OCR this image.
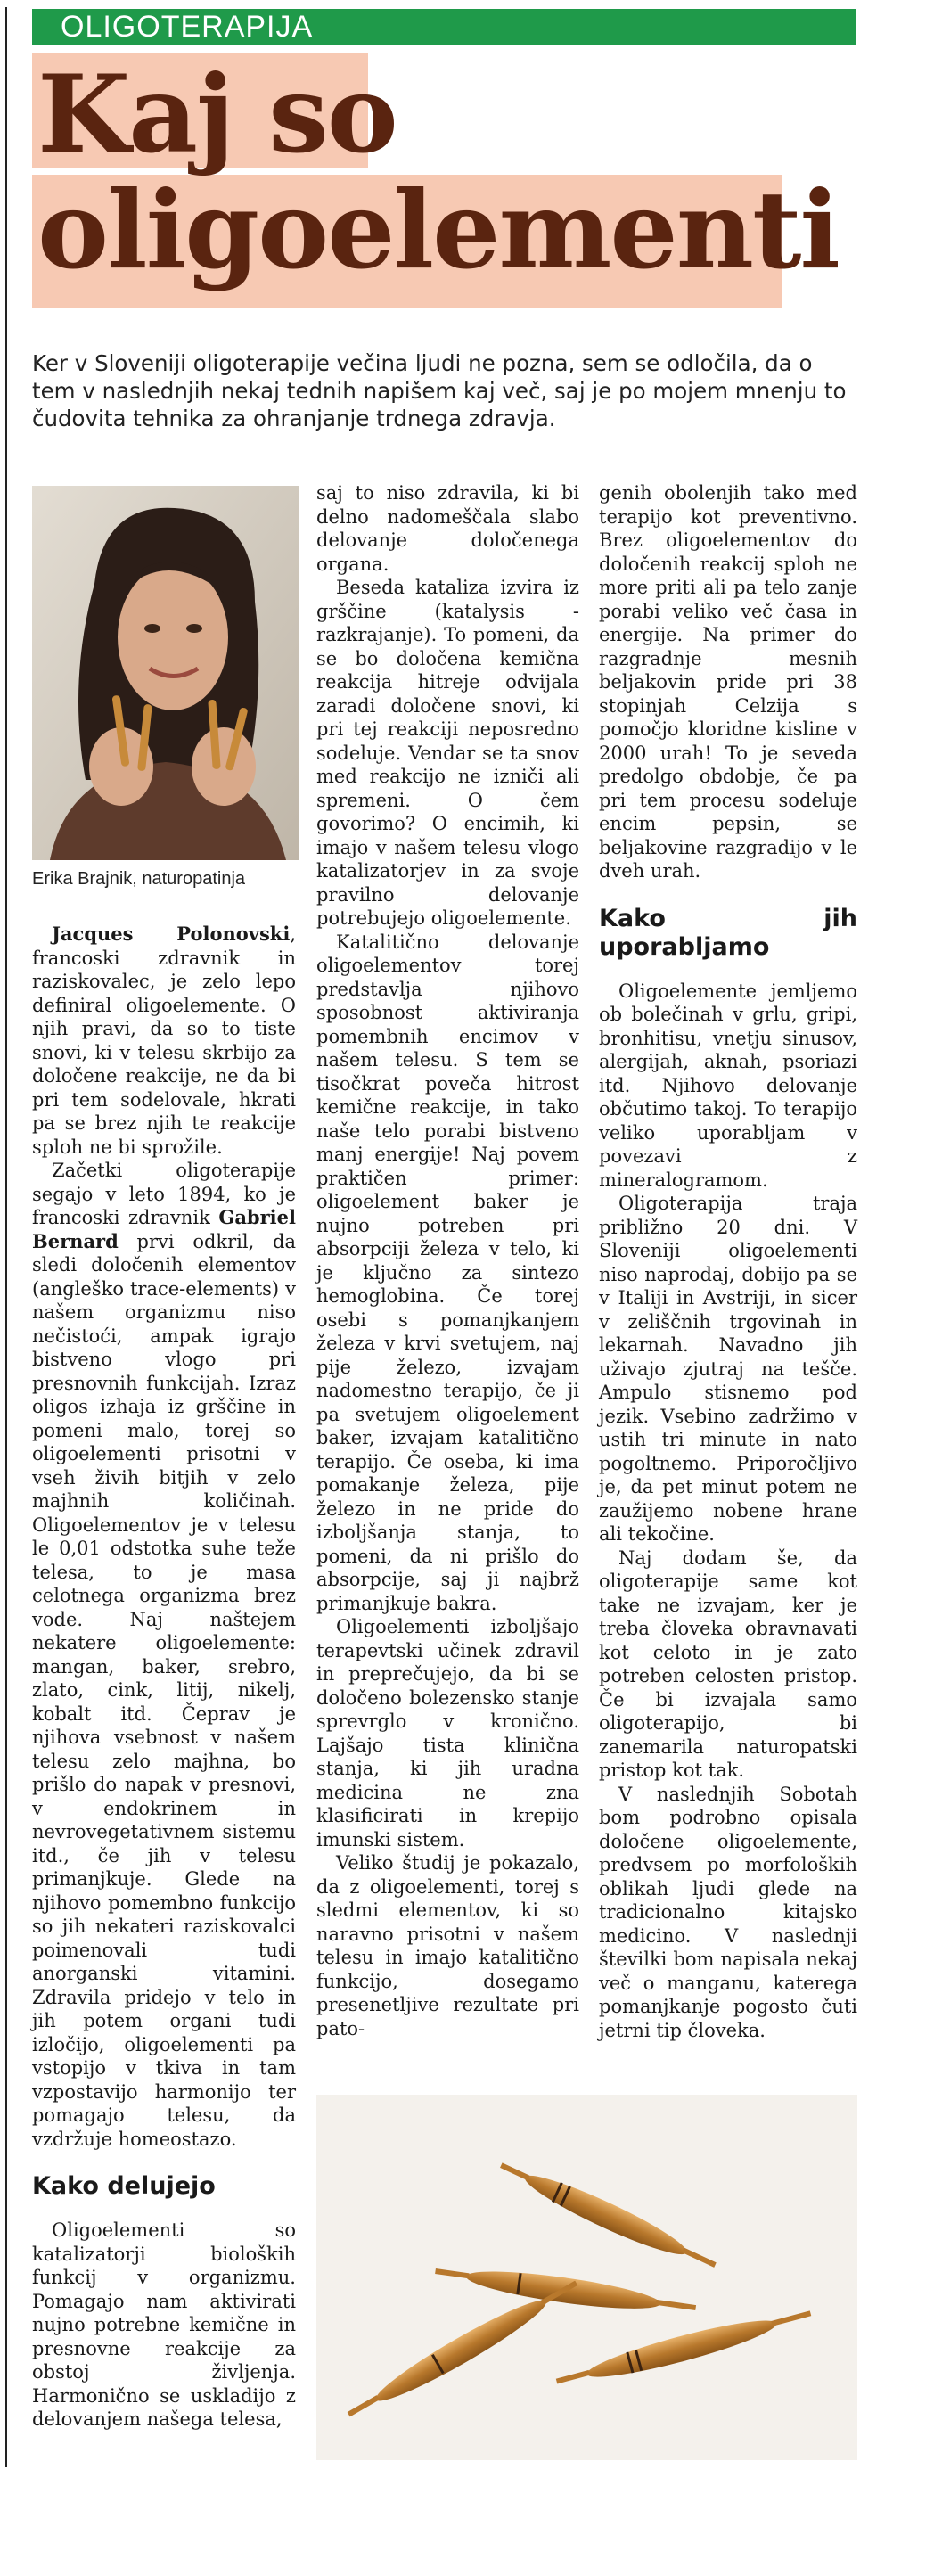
OLIGOTERAPIJA
Kaj so
oligoelementi
Ker v Sloveniji oligoterapije večina ljudi ne pozna, sem se odločila, da o tem v naslednjih nekaj tednih napišem kaj več, saj je po mojem mnenju to čudovita tehnika za ohranjanje trdnega zdravja.
Erika Brajnik, naturopatinja

Jacques Polonovski, francoski zdravnik in raziskovalec, je zelo lepo definiral oligoelemente. O njih pravi, da so to tiste snovi, ki v telesu skrbijo za določene reakcije, ne da bi pri tem sodelovale, hkrati pa se brez njih te reakcije sploh ne bi sprožile.

Začetki oligoterapije segajo v leto 1894, ko je francoski zdravnik Gabriel Bernard prvi odkril, da sledi določenih elementov (angleško trace-elements) v našem organizmu niso nečistoći, ampak igrajo bistveno vlogo pri presnovnih funkcijah. Izraz oligos izhaja iz grščine in pomeni malo, torej so oligoelementi prisotni v vseh živih bitjih v zelo majhnih količinah. Oligoelementov je v telesu le 0,01 odstotka suhe teže telesa, to je masa celotnega organizma brez vode. Naj naštejem nekatere oligoelemente: mangan, baker, srebro, zlato, cink, litij, nikelj, kobalt itd. Čeprav je njihova vsebnost v našem telesu zelo majhna, bo prišlo do napak v presnovi, v endokrinem in nevrovegetativnem sistemu itd., če jih v telesu primanjkuje. Glede na njihovo pomembno funkcijo so jih nekateri raziskovalci poimenovali tudi anorganski vitamini. Zdravila pridejo v telo in jih potem organi tudi izločijo, oligoelementi pa vstopijo v tkiva in tam vzpostavijo harmonijo ter pomagajo telesu, da vzdržuje homeostazo.

Kako delujejo

Oligoelementi so katalizatorji bioloških funkcij v organizmu. Pomagajo nam aktivirati nujno potrebne kemične in presnovne reakcije za obstoj življenja. Harmonično se uskladijo z delovanjem našega telesa,

saj to niso zdravila, ki bi delno nadomeščala slabo delovanje določenega organa.

Beseda kataliza izvira iz grščine (katalysis - razkrajanje). To pomeni, da se bo določena kemična reakcija hitreje odvijala zaradi določene snovi, ki pri tej reakciji neposredno sodeluje. Vendar se ta snov med reakcijo ne izniči ali spremeni. O čem govorimo? O encimih, ki imajo v našem telesu vlogo katalizatorjev in za svoje pravilno delovanje potrebujejo oligoelemente.

Katalitično delovanje oligoelementov torej predstavlja njihovo sposobnost aktiviranja pomembnih encimov v našem telesu. S tem se tisočkrat poveča hitrost kemične reakcije, in tako naše telo porabi bistveno manj energije! Naj povem praktičen primer: oligoelement baker je nujno potreben pri absorpciji železa v telo, ki je ključno za sintezo hemoglobina. Če torej osebi s pomanjkanjem železa v krvi svetujem, naj pije železo, izvajam nadomestno terapijo, če ji pa svetujem oligoelement baker, izvajam katalitično terapijo. Če oseba, ki ima pomakanje železa, pije železo in ne pride do izboljšanja stanja, to pomeni, da ni prišlo do absorpcije, saj ji najbrž primanjkuje bakra.

Oligoelementi izboljšajo terapevtski učinek zdravil in preprečujejo, da bi se določeno bolezensko stanje sprevrglo v kronično. Lajšajo tista klinična stanja, ki jih uradna medicina ne zna klasificirati in krepijo imunski sistem.

Veliko študij je pokazalo, da z oligoelementi, torej s sledmi elementov, ki so naravno prisotni v našem telesu in imajo katalitično funkcijo, dosegamo presenetljive rezultate pri pato-

genih obolenjih tako med terapijo kot preventivno. Brez oligoelementov do določenih reakcij sploh ne more priti ali pa telo zanje porabi veliko več časa in energije. Na primer do razgradnje mesnih beljakovin pride pri 38 stopinjah Celzija s pomočjo kloridne kisline v 2000 urah! To je seveda predolgo obdobje, če pa pri tem procesu sodeluje encim pepsin, se beljakovine razgradijo v le dveh urah.

Kako jih uporabljamo

Oligoelemente jemljemo ob bolečinah v grlu, gripi, bronhitisu, vnetju sinusov, alergijah, aknah, psoriazi itd. Njihovo delovanje občutimo takoj. To terapijo veliko uporabljam v povezavi z mineralogramom.

Oligoterapija traja približno 20 dni. V Sloveniji oligoelementi niso naprodaj, dobijo pa se v Italiji in Avstriji, in sicer v zeliščnih trgovinah in lekarnah. Navadno jih uživajo zjutraj na tešče. Ampulo stisnemo pod jezik. Vsebino zadržimo v ustih tri minute in nato pogoltnemo. Priporočljivo je, da pet minut potem ne zaužijemo nobene hrane ali tekočine.

Naj dodam še, da oligoterapije same kot take ne izvajam, ker je treba človeka obravnavati kot celoto in je zato potreben celosten pristop. Če bi izvajala samo oligoterapijo, bi zanemarila naturopatski pristop kot tak.

V naslednjih Sobotah bom podrobno opisala določene oligoelemente, predvsem po morfoloških oblikah ljudi glede na tradicionalno kitajsko medicino. V naslednji številki bom napisala nekaj več o manganu, katerega pomanjkanje pogosto čuti jetrni tip človeka.
